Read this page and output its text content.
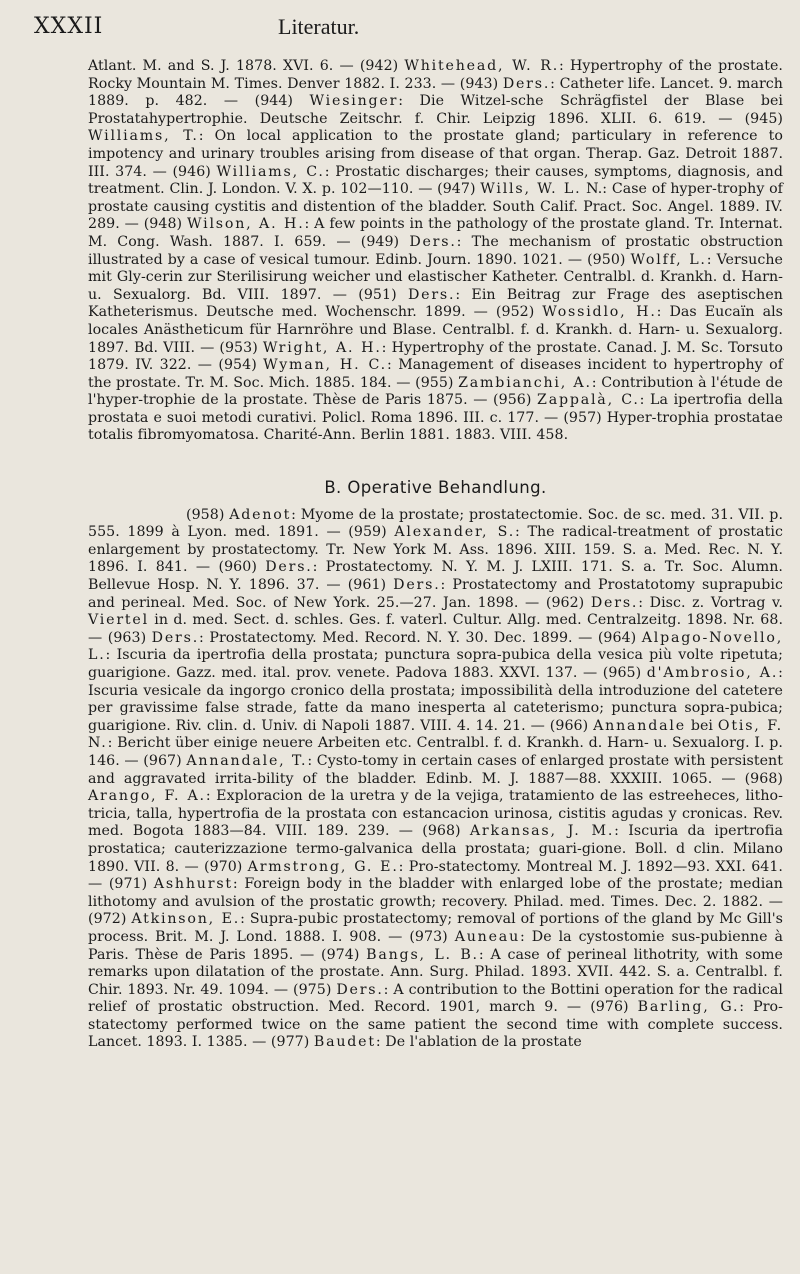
XXXII	Literatur.

Atlant. M. and S. J. 1878. XVI. 6. — (942) Whitehead, W. R.: Hypertrophy of the prostate. Rocky Mountain M. Times. Denver 1882. I. 233. — (943) Ders.: Catheter life. Lancet. 9. march 1889. p. 482. — (944) Wiesinger: Die Witzel-sche Schrägfistel der Blase bei Prostatahypertrophie. Deutsche Zeitschr. f. Chir. Leipzig 1896. XLII. 6. 619. — (945) Williams, T.: On local application to the prostate gland; particulary in reference to impotency and urinary troubles arising from disease of that organ. Therap. Gaz. Detroit 1887. III. 374. — (946) Williams, C.: Prostatic discharges; their causes, symptoms, diagnosis, and treatment. Clin. J. London. V. X. p. 102—110. — (947) Wills, W. L. N.: Case of hyper-trophy of prostate causing cystitis and distention of the bladder. South Calif. Pract. Soc. Angel. 1889. IV. 289. — (948) Wilson, A. H.: A few points in the pathology of the prostate gland. Tr. Internat. M. Cong. Wash. 1887. I. 659. — (949) Ders.: The mechanism of prostatic obstruction illustrated by a case of vesical tumour. Edinb. Journ. 1890. 1021. — (950) Wolff, L.: Versuche mit Gly-cerin zur Sterilisirung weicher und elastischer Katheter. Centralbl. d. Krankh. d. Harn- u. Sexualorg. Bd. VIII. 1897. — (951) Ders.: Ein Beitrag zur Frage des aseptischen Katheterismus. Deutsche med. Wochenschr. 1899. — (952) Wossidlo, H.: Das Eucaïn als locales Anästheticum für Harnröhre und Blase. Centralbl. f. d. Krankh. d. Harn- u. Sexualorg. 1897. Bd. VIII. — (953) Wright, A. H.: Hypertrophy of the prostate. Canad. J. M. Sc. Torsuto 1879. IV. 322. — (954) Wyman, H. C.: Management of diseases incident to hypertrophy of the prostate. Tr. M. Soc. Mich. 1885. 184. — (955) Zambianchi, A.: Contribution à l'étude de l'hyper-trophie de la prostate. Thèse de Paris 1875. — (956) Zappalà, C.: La ipertrofia della prostata e suoi metodi curativi. Policl. Roma 1896. III. c. 177. — (957) Hyper-trophia prostatae totalis fibromyomatosa. Charité-Ann. Berlin 1881. 1883. VIII. 458.

B. Operative Behandlung.

(958) Adenot: Myome de la prostate; prostatectomie. Soc. de sc. med. 31. VII. p. 555. 1899 à Lyon. med. 1891. — (959) Alexander, S.: The radical-treatment of prostatic enlargement by prostatectomy. Tr. New York M. Ass. 1896. XIII. 159. S. a. Med. Rec. N. Y. 1896. I. 841. — (960) Ders.: Prostatectomy. N. Y. M. J. LXIII. 171. S. a. Tr. Soc. Alumn. Bellevue Hosp. N. Y. 1896. 37. — (961) Ders.: Prostatectomy and Prostatotomy suprapubic and perineal. Med. Soc. of New York. 25.—27. Jan. 1898. — (962) Ders.: Disc. z. Vortrag v. Viertel in d. med. Sect. d. schles. Ges. f. vaterl. Cultur. Allg. med. Centralzeitg. 1898. Nr. 68. — (963) Ders.: Prostatectomy. Med. Record. N. Y. 30. Dec. 1899. — (964) Alpago-Novello, L.: Iscuria da ipertrofia della prostata; punctura sopra-pubica della vesica più volte ripetuta; guarigione. Gazz. med. ital. prov. venete. Padova 1883. XXVI. 137. — (965) d'Ambrosio, A.: Iscuria vesicale da ingorgo cronico della prostata; impossibilità della introduzione del catetere per gravissime false strade, fatte da mano inesperta al cateterismo; punctura sopra-pubica; guarigione. Riv. clin. d. Univ. di Napoli 1887. VIII. 4. 14. 21. — (966) Annandale bei Otis, F. N.: Bericht über einige neuere Arbeiten etc. Centralbl. f. d. Krankh. d. Harn- u. Sexualorg. I. p. 146. — (967) Annandale, T.: Cysto-tomy in certain cases of enlarged prostate with persistent and aggravated irrita-bility of the bladder. Edinb. M. J. 1887—88. XXXIII. 1065. — (968) Arango, F. A.: Exploracion de la uretra y de la vejiga, tratamiento de las estreeheces, litho-tricia, talla, hypertrofia de la prostata con estancacion urinosa, cistitis agudas y cronicas. Rev. med. Bogota 1883—84. VIII. 189. 239. — (968) Arkansas, J. M.: Iscuria da ipertrofia prostatica; cauterizzazione termo-galvanica della prostata; guari-gione. Boll. d clin. Milano 1890. VII. 8. — (970) Armstrong, G. E.: Pro-statectomy. Montreal M. J. 1892—93. XXI. 641. — (971) Ashhurst: Foreign body in the bladder with enlarged lobe of the prostate; median lithotomy and avulsion of the prostatic growth; recovery. Philad. med. Times. Dec. 2. 1882. — (972) Atkinson, E.: Supra-pubic prostatectomy; removal of portions of the gland by Mc Gill's process. Brit. M. J. Lond. 1888. I. 908. — (973) Auneau: De la cystostomie sus-pubienne à Paris. Thèse de Paris 1895. — (974) Bangs, L. B.: A case of perineal lithotrity, with some remarks upon dilatation of the prostate. Ann. Surg. Philad. 1893. XVII. 442. S. a. Centralbl. f. Chir. 1893. Nr. 49. 1094. — (975) Ders.: A contribution to the Bottini operation for the radical relief of prostatic obstruction. Med. Record. 1901, march 9. — (976) Barling, G.: Pro-statectomy performed twice on the same patient the second time with complete success. Lancet. 1893. I. 1385. — (977) Baudet: De l'ablation de la prostate
